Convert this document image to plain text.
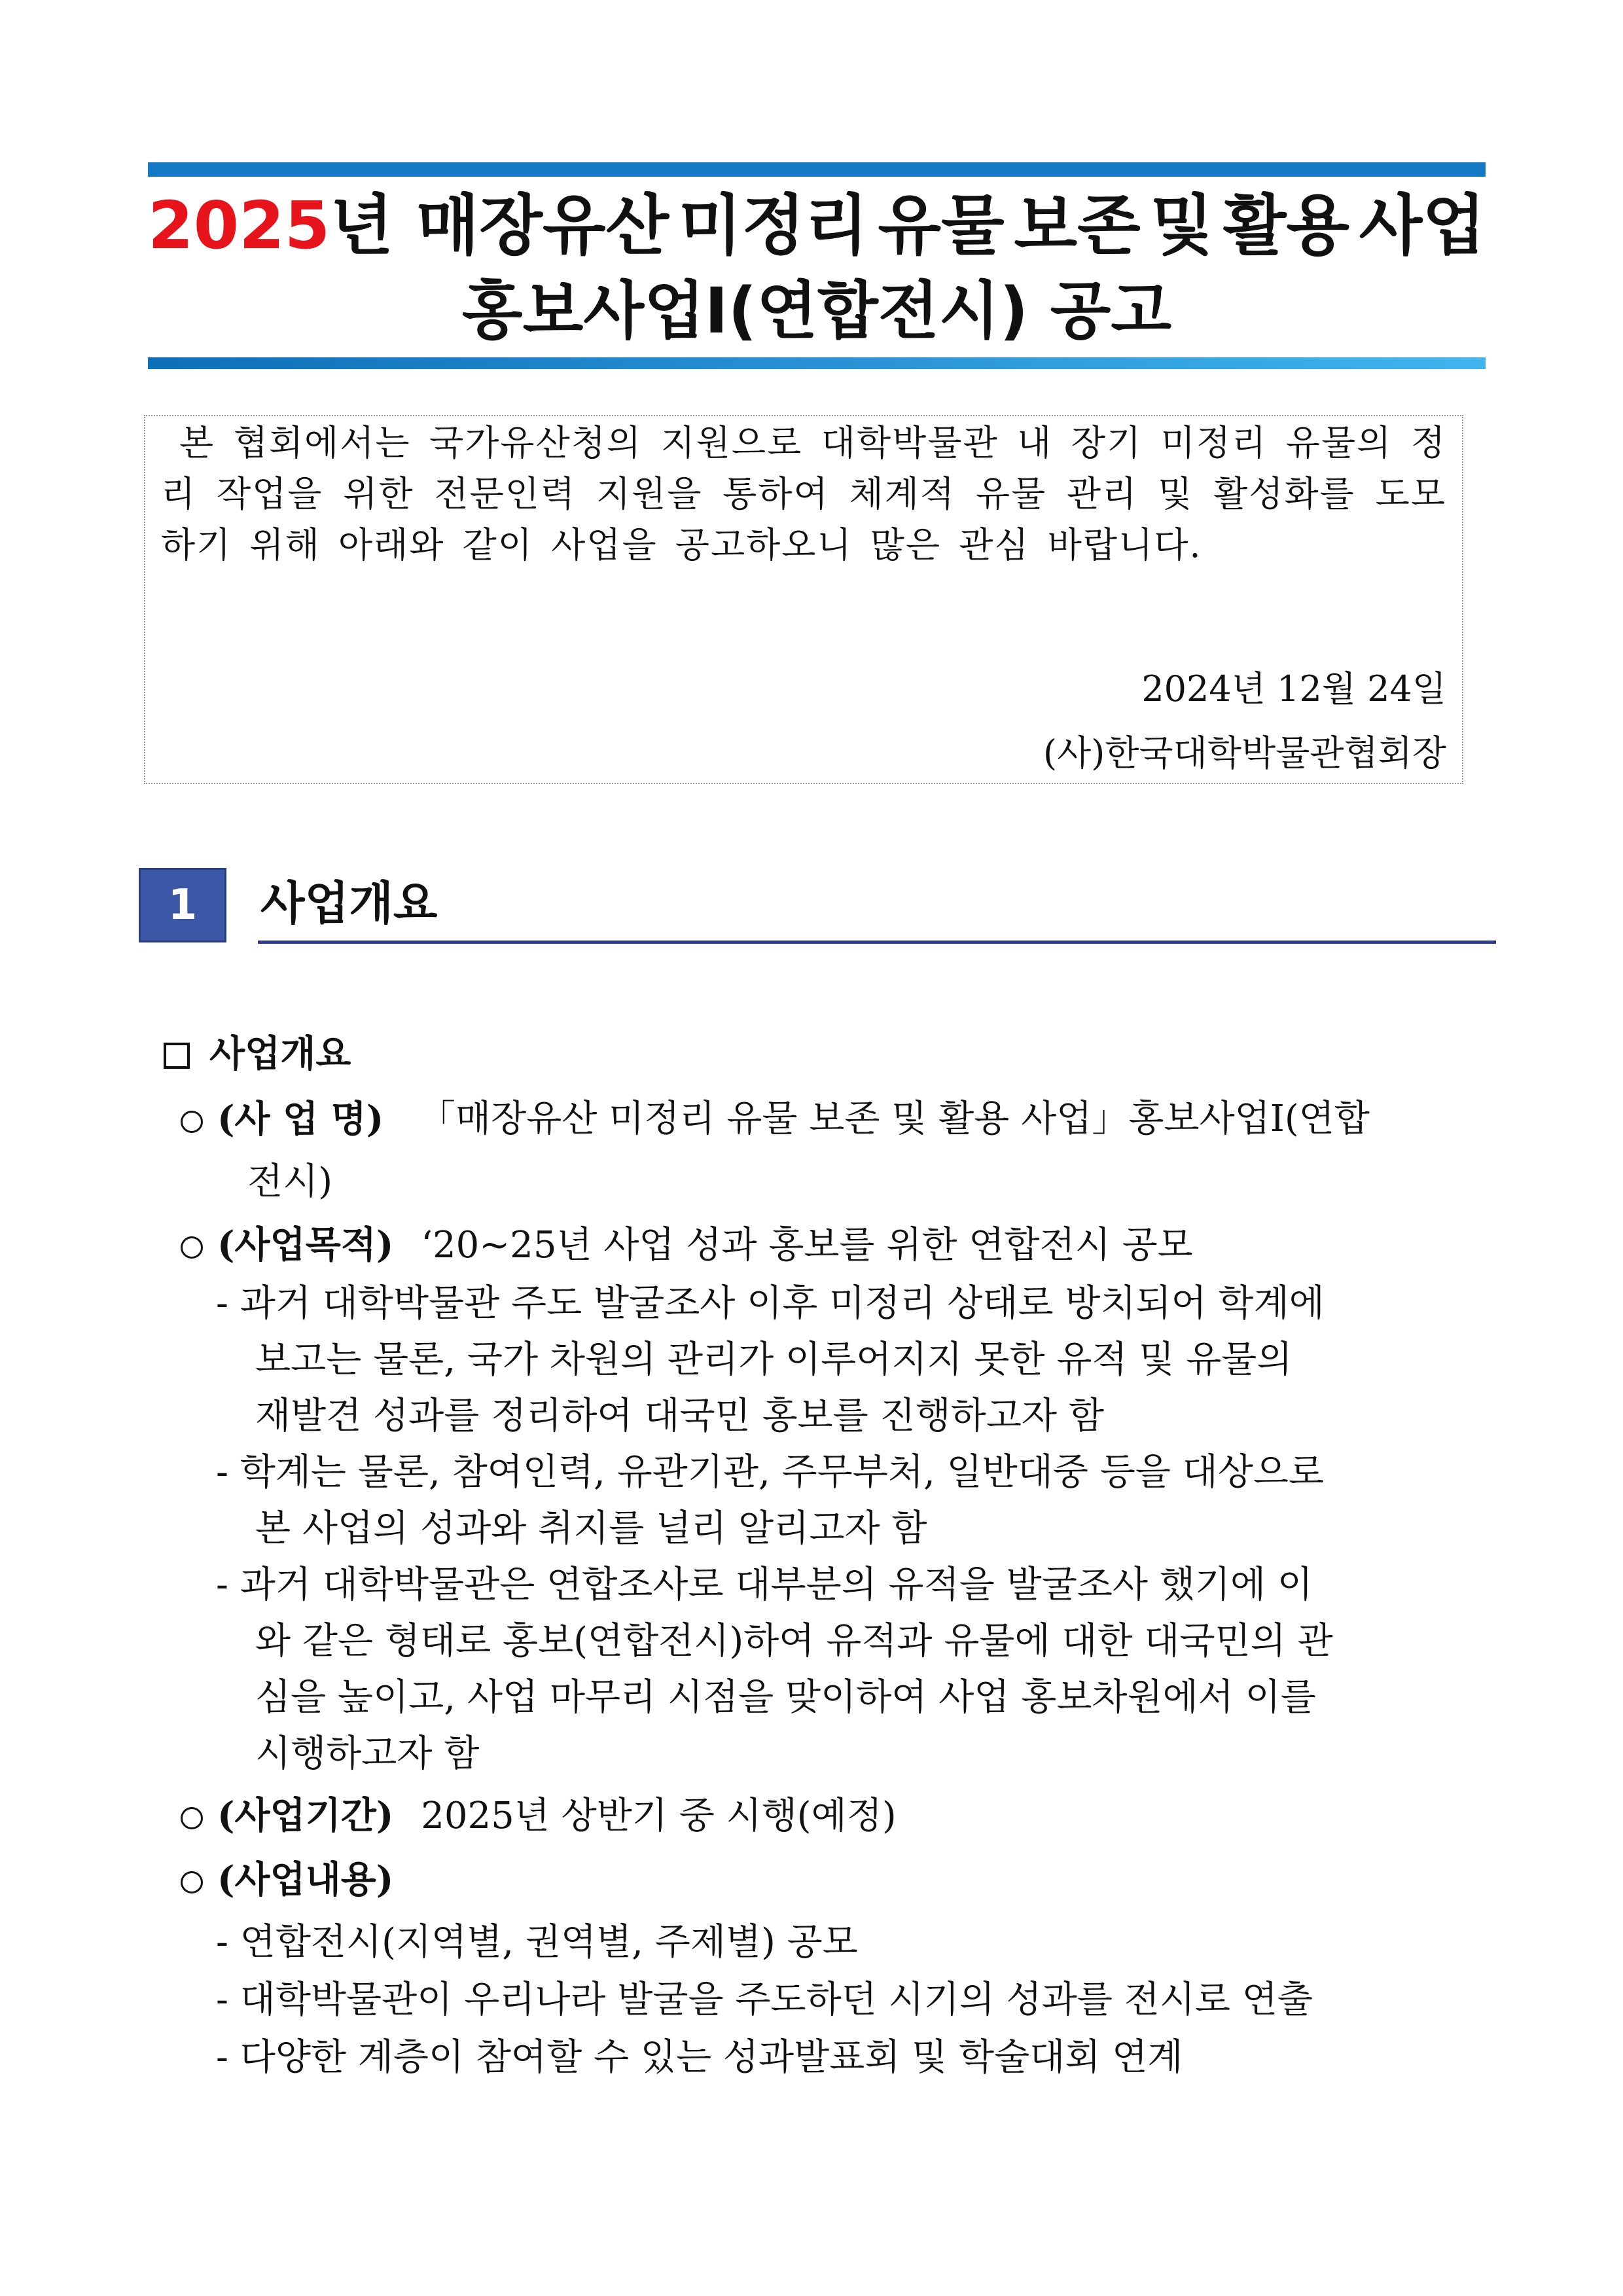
2025년 매장유산 미정리 유물 보존 및 활용 사업
홍보사업Ⅰ(연합전시) 공고
본 협회에서는 국가유산청의 지원으로 대학박물관 내 장기 미정리 유물의 정리 작업을 위한 전문인력 지원을 통하여 체계적 유물 관리 및 활성화를 도모하기 위해 아래와 같이 사업을 공고하오니 많은 관심 바랍니다.
2024년 12월 24일
(사)한국대학박물관협회장
1	사업개요
사업개요
(사 업 명) 「매장유산 미정리 유물 보존 및 활용 사업」홍보사업Ⅰ(연합
전시)
(사업목적) ‘20~25년 사업 성과 홍보를 위한 연합전시 공모
- 과거 대학박물관 주도 발굴조사 이후 미정리 상태로 방치되어 학계에
보고는 물론, 국가 차원의 관리가 이루어지지 못한 유적 및 유물의
재발견 성과를 정리하여 대국민 홍보를 진행하고자 함
- 학계는 물론, 참여인력, 유관기관, 주무부처, 일반대중 등을 대상으로
본 사업의 성과와 취지를 널리 알리고자 함
- 과거 대학박물관은 연합조사로 대부분의 유적을 발굴조사 했기에 이
와 같은 형태로 홍보(연합전시)하여 유적과 유물에 대한 대국민의 관
심을 높이고, 사업 마무리 시점을 맞이하여 사업 홍보차원에서 이를
시행하고자 함
(사업기간) 2025년 상반기 중 시행(예정)
(사업내용)
- 연합전시(지역별, 권역별, 주제별) 공모
- 대학박물관이 우리나라 발굴을 주도하던 시기의 성과를 전시로 연출
- 다양한 계층이 참여할 수 있는 성과발표회 및 학술대회 연계
